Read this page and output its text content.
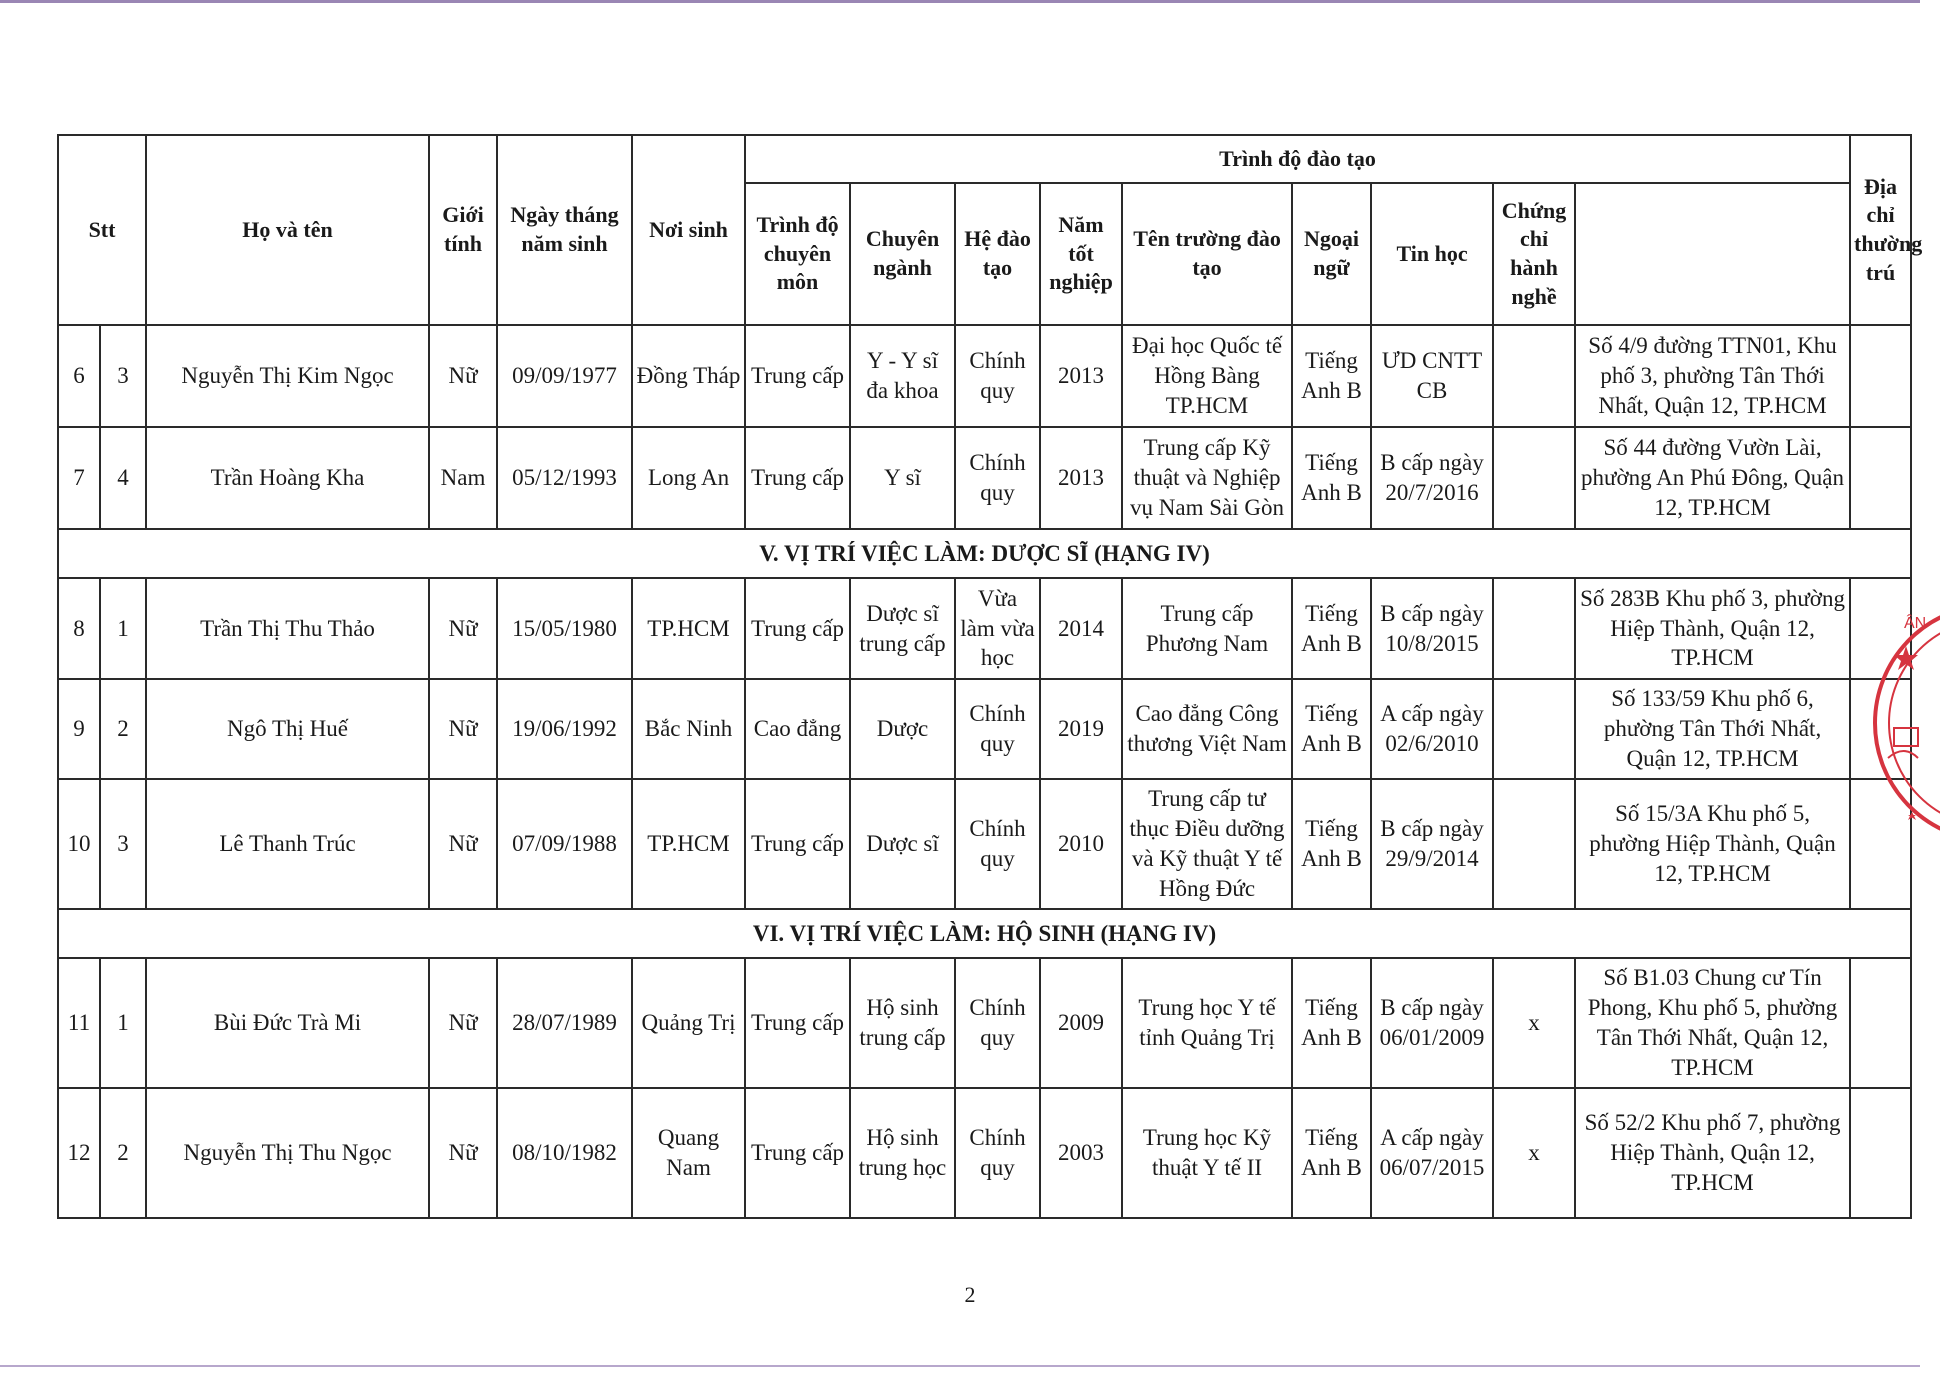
Stt		Họ và tên	Giới tính	Ngày tháng năm sinh	Nơi sinh	Trình độ đào tạo									Địa chỉ thường trú	
						Trình độ chuyên môn	Chuyên ngành	Hệ đào tạo	Năm tốt nghiệp	Tên trường đào tạo	Ngoại ngữ	Tin học	Chứng chỉ hành nghề			
6	3	Nguyễn Thị Kim Ngọc	Nữ	09/09/1977	Đồng Tháp	Trung cấp	Y - Y sĩ đa khoa	Chính quy	2013	Đại học Quốc tế Hồng Bàng TP.HCM	Tiếng Anh B	ƯD CNTT CB		Số 4/9 đường TTN01, Khu phố 3, phường Tân Thới Nhất, Quận 12, TP.HCM		
7	4	Trần Hoàng Kha	Nam	05/12/1993	Long An	Trung cấp	Y sĩ	Chính quy	2013	Trung cấp Kỹ thuật và Nghiệp vụ Nam Sài Gòn	Tiếng Anh B	B cấp ngày 20/7/2016		Số 44 đường Vườn Lài, phường An Phú Đông, Quận 12, TP.HCM		
V. VỊ TRÍ VIỆC LÀM: DƯỢC SĨ (HẠNG IV)																
8	1	Trần Thị Thu Thảo	Nữ	15/05/1980	TP.HCM	Trung cấp	Dược sĩ trung cấp	Vừa làm vừa học	2014	Trung cấp Phương Nam	Tiếng Anh B	B cấp ngày 10/8/2015		Số 283B Khu phố 3, phường Hiệp Thành, Quận 12, TP.HCM		
9	2	Ngô Thị Huế	Nữ	19/06/1992	Bắc Ninh	Cao đẳng	Dược	Chính quy	2019	Cao đẳng Công thương Việt Nam	Tiếng Anh B	A cấp ngày 02/6/2010		Số 133/59 Khu phố 6, phường Tân Thới Nhất, Quận 12, TP.HCM		
10	3	Lê Thanh Trúc	Nữ	07/09/1988	TP.HCM	Trung cấp	Dược sĩ	Chính quy	2010	Trung cấp tư thục Điều dưỡng và Kỹ thuật Y tế Hồng Đức	Tiếng Anh B	B cấp ngày 29/9/2014		Số 15/3A Khu phố 5, phường Hiệp Thành, Quận 12, TP.HCM		
VI. VỊ TRÍ VIỆC LÀM: HỘ SINH (HẠNG IV)																
11	1	Bùi Đức Trà Mi	Nữ	28/07/1989	Quảng Trị	Trung cấp	Hộ sinh trung cấp	Chính quy	2009	Trung học Y tế tỉnh Quảng Trị	Tiếng Anh B	B cấp ngày 06/01/2009	x	Số B1.03 Chung cư Tín Phong, Khu phố 5, phường Tân Thới Nhất, Quận 12, TP.HCM		
12	2	Nguyễn Thị Thu Ngọc	Nữ	08/10/1982	Quang Nam	Trung cấp	Hộ sinh trung học	Chính quy	2003	Trung học Kỹ thuật Y tế II	Tiếng Anh B	A cấp ngày 06/07/2015	x	Số 52/2 Khu phố 7, phường Hiệp Thành, Quận 12, TP.HCM		
ÂN
2
